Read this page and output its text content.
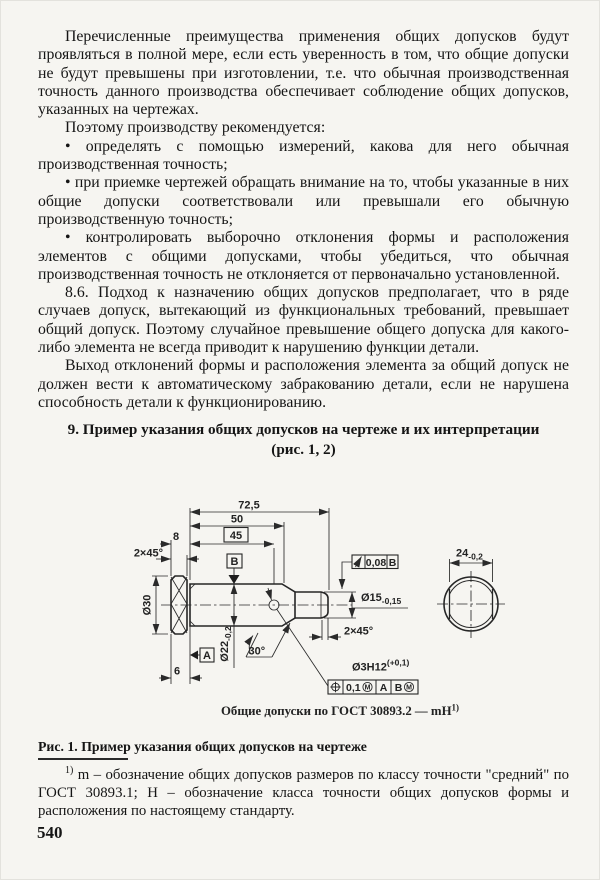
Перечисленные преимущества применения общих допусков будут проявляться в полной мере, если есть уверенность в том, что общие допуски не будут превышены при изготовлении, т.е. что обычная производственная точность данного производства обеспечивает соблюдение общих допусков, указанных на чертежах.

Поэтому производству рекомендуется:

• определять с помощью измерений, какова для него обычная производственная точность;

• при приемке чертежей обращать внимание на то, чтобы указанные в них общие допуски соответствовали или превышали его обычную производственную точность;

• контролировать выборочно отклонения формы и расположения элементов с общими допусками, чтобы убедиться, что обычная производственная точность не отклоняется от первоначально установленной.

8.6. Подход к назначению общих допусков предполагает, что в ряде случаев допуск, вытекающий из функциональных требований, превышает общий допуск. Поэтому случайное превышение общего допуска для какого-либо элемента не всегда приводит к нарушению функции детали.

Выход отклонений формы и расположения элемента за общий допуск не должен вести к автоматическому забракованию детали, если не нарушена способность детали к функционированию.

9. Пример указания общих допусков на чертеже и их интерпретации
(рис. 1, 2)
B
A
72,5
50
45
8
2×45°
Ø30
$Ø22_{-0,2}$
6
$Ø15_{-0,15}$
2×45°
30°
$Ø3H12^{(+0,1)}$
$24_{-0,2}$
0,08 B
0,1 M A B M
Общие допуски по ГОСТ 30893.2 — $mH^{1)}$
Рис. 1. Пример указания общих допусков на чертеже
$^{1)}$ m – обозначение общих допусков размеров по классу точности "средний" по ГОСТ 30893.1; Н – обозначение класса точности общих допусков формы и расположения по настоящему стандарту.
540
